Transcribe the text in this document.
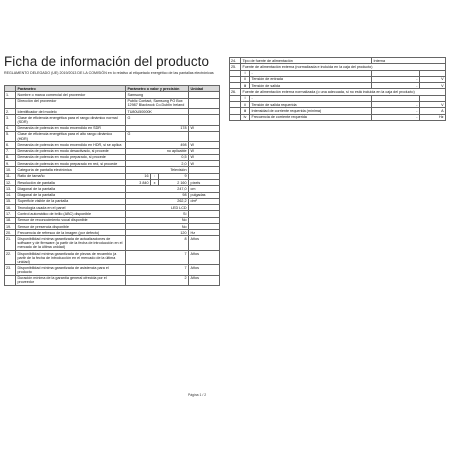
Ficha de información del producto
REGLAMENTO DELEGADO (UE) 2019/2013 DE LA COMISIÓN en lo relativo al etiquetado energético de las pantallas electrónicas
	Parámetro	Parámetro o valor y precisión			Unidad
1.	Nombre o marca comercial del proveedor	Samsung			
	Dirección del proveedor	Public Contact, Samsung PO Box 12987 Blackrock Co.Dublin Ireland			
2.	Identificador del modelo	TU80U50000K			
3.	Clase de eficiencia energética para el rango dinámico normal (SDR)	G			
4.	Demanda de potencia en modo encendido en SDR	178			W
5.	Clase de eficiencia energética para el alto rango dinámico (HDR)	G			
6.	Demanda de potencia en modo encendido en HDR, si se aplica	498			W
7.	Demanda de potencia en modo desactivado, si procede	no aplicable			W
8.	Demanda de potencia en modo preparado, si procede	0,5			W
9.	Demanda de potencia en modo preparado en red, si procede	2,0			W
10.	Categoría de pantalla electrónica	Televisión			
11.	Ratio de tamaño	16	:	9	
12.	Resolución de pantalla	3 840	x	2 160	píxels
13.	Diagonal de la pantalla	247,0			cm
14.	Diagonal de la pantalla	98			pulgadas
15.	Superficie visible de la pantalla	262,2			dm²
16.	Tecnología usada en el panel	LED LCD			
17.	Control automático de brillo (ABC) disponible	Sí			
18.	Sensor de reconocimiento vocal disponible	No			
19.	Sensor de presencia disponible	No			
20.	Frecuencia de refresco de la imagen (por defecto)	120			Hz
21.	Disponibilidad mínima garantizada de actualizaciones de software y de firmware (a partir de la fecha de introducción en el mercado de la última unidad)	8			Años
22.	Disponibilidad mínima garantizada de piezas de recambio (a partir de la fecha de introducción en el mercado de la última unidad)	7			Años
23.	Disponibilidad mínima garantizada de asistencia para el producto	7			Años
	Duración mínima de la garantía general ofrecida por el proveedor	2			Años
24.	Tipo de fuente de alimentación		Interna	
25.	Fuente de alimentación externa (normalizada e incluida en la caja del producto)			
	i	-		
	ii	Tensión de entrada	-	V
	iii	Tensión de salida	-	V
26.	Fuente de alimentación externa normalizada (o una adecuada, si no está incluida en la caja del producto)			
	i	-		
	ii	Tensión de salida requerida	-	V
	iii	Intensidad de corriente requerida (mínima)	-	A
	iv	Frecuencia de corriente requerida	-	Hz
Página 1 / 2
